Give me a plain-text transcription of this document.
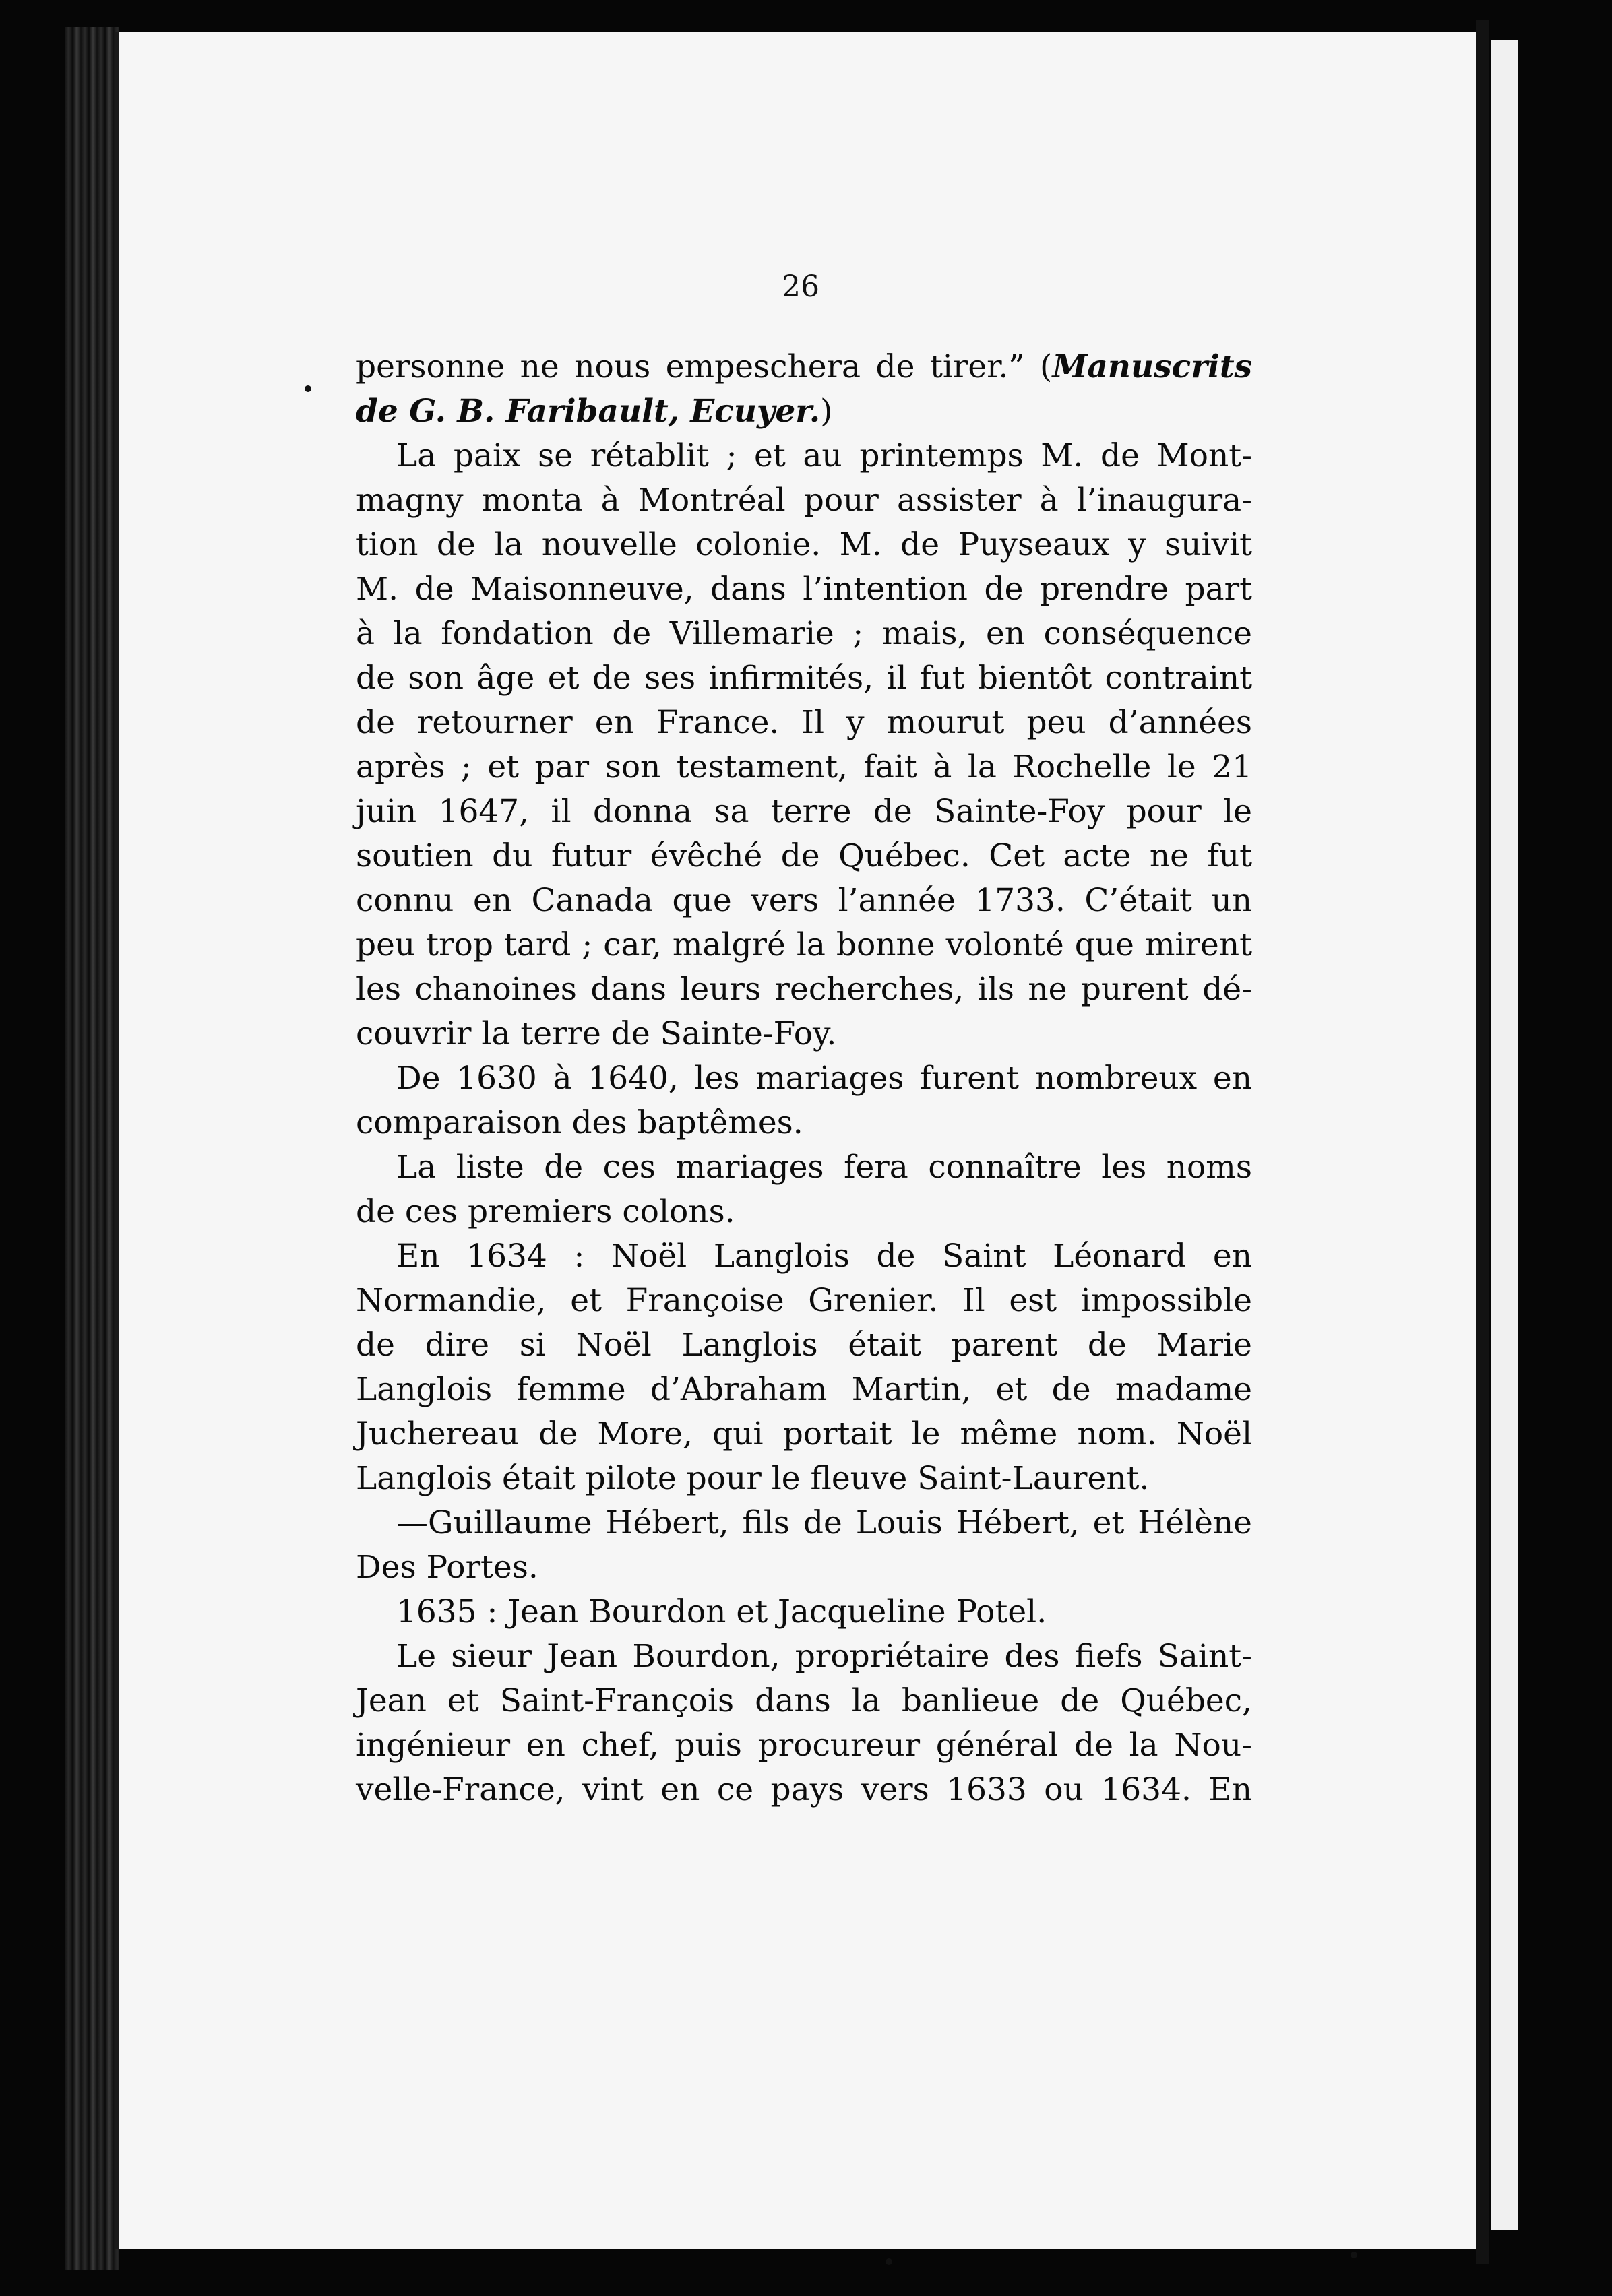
26
personne ne nous empeschera de tirer.” (Manuscrits
de G. B. Faribault, Ecuyer.)
La paix se rétablit ; et au printemps M. de Mont-
magny monta à Montréal pour assister à l’inaugura-
tion de la nouvelle colonie. M. de Puyseaux y suivit
M. de Maisonneuve, dans l’intention de prendre part
à la fondation de Villemarie ; mais, en conséquence
de son âge et de ses infirmités, il fut bientôt contraint
de retourner en France. Il y mourut peu d’années
après ; et par son testament, fait à la Rochelle le 21
juin 1647, il donna sa terre de Sainte-Foy pour le
soutien du futur évêché de Québec. Cet acte ne fut
connu en Canada que vers l’année 1733. C’était un
peu trop tard ; car, malgré la bonne volonté que mirent
les chanoines dans leurs recherches, ils ne purent dé-
couvrir la terre de Sainte-Foy.
De 1630 à 1640, les mariages furent nombreux en
comparaison des baptêmes.
La liste de ces mariages fera connaître les noms
de ces premiers colons.
En 1634 : Noël Langlois de Saint Léonard en
Normandie, et Françoise Grenier. Il est impossible
de dire si Noël Langlois était parent de Marie
Langlois femme d’Abraham Martin, et de madame
Juchereau de More, qui portait le même nom. Noël
Langlois était pilote pour le fleuve Saint-Laurent.
—Guillaume Hébert, fils de Louis Hébert, et Hélène
Des Portes.
1635 : Jean Bourdon et Jacqueline Potel.
Le sieur Jean Bourdon, propriétaire des fiefs Saint-
Jean et Saint-François dans la banlieue de Québec,
ingénieur en chef, puis procureur général de la Nou-
velle-France, vint en ce pays vers 1633 ou 1634. En
